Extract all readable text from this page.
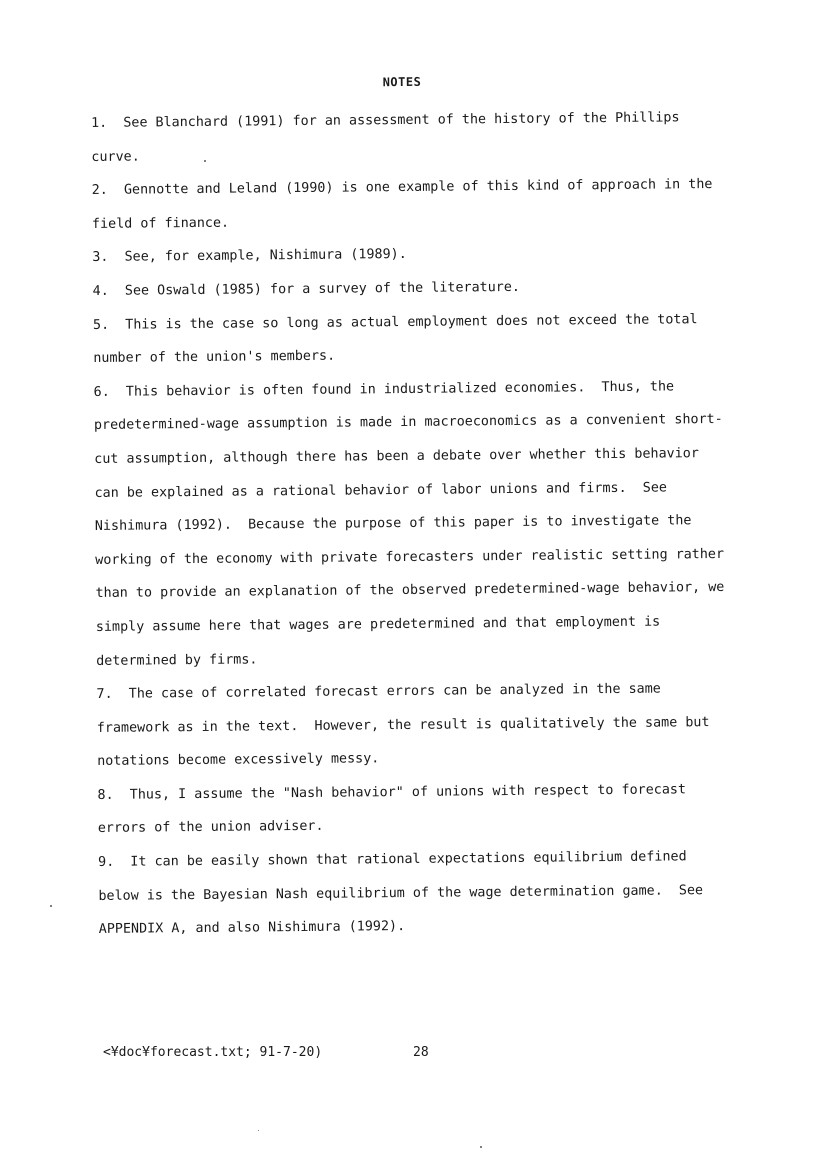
NOTES
1. See Blanchard (1991) for an assessment of the history of the Phillips
curve.
2. Gennotte and Leland (1990) is one example of this kind of approach in the
field of finance.
3. See, for example, Nishimura (1989).
4. See Oswald (1985) for a survey of the literature.
5. This is the case so long as actual employment does not exceed the total
number of the union's members.
6. This behavior is often found in industrialized economies.  Thus, the
predetermined-wage assumption is made in macroeconomics as a convenient short-
cut assumption, although there has been a debate over whether this behavior
can be explained as a rational behavior of labor unions and firms.  See
Nishimura (1992).  Because the purpose of this paper is to investigate the
working of the economy with private forecasters under realistic setting rather
than to provide an explanation of the observed predetermined-wage behavior, we
simply assume here that wages are predetermined and that employment is
determined by firms.
7. The case of correlated forecast errors can be analyzed in the same
framework as in the text.  However, the result is qualitatively the same but
notations become excessively messy.
8. Thus, I assume the "Nash behavior" of unions with respect to forecast
errors of the union adviser.
9. It can be easily shown that rational expectations equilibrium defined
below is the Bayesian Nash equilibrium of the wage determination game.  See
APPENDIX A, and also Nishimura (1992).
<¥doc¥forecast.txt; 91-7-20)	28
